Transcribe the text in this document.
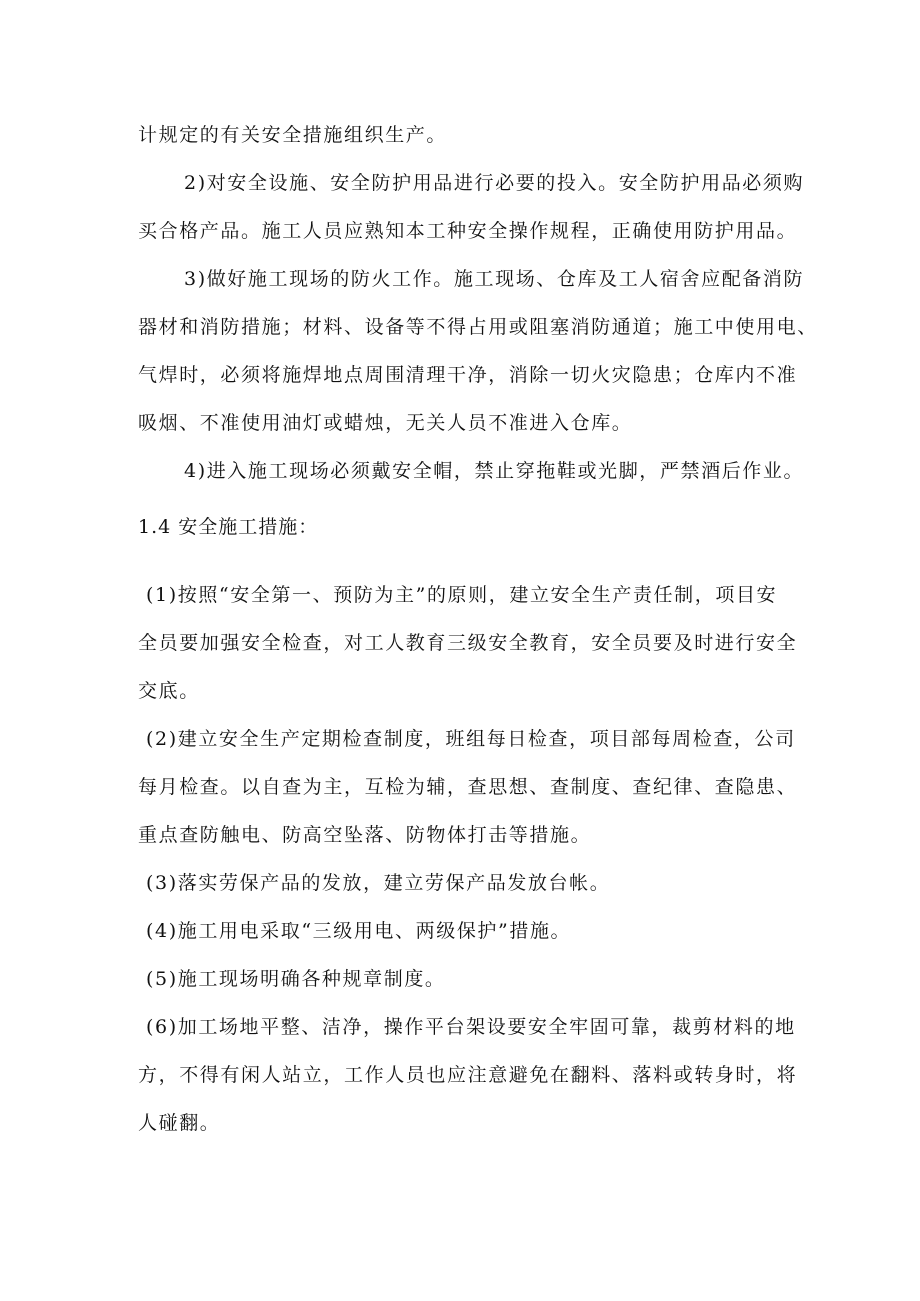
计规定的有关安全措施组织生产。
2)对安全设施、安全防护用品进行必要的投入。安全防护用品必须购
买合格产品。施工人员应熟知本工种安全操作规程，正确使用防护用品。
3)做好施工现场的防火工作。施工现场、仓库及工人宿舍应配备消防
器材和消防措施；材料、设备等不得占用或阻塞消防通道；施工中使用电、
气焊时，必须将施焊地点周围清理干净，消除一切火灾隐患；仓库内不准
吸烟、不准使用油灯或蜡烛，无关人员不准进入仓库。
4)进入施工现场必须戴安全帽，禁止穿拖鞋或光脚，严禁酒后作业。
1.4 安全施工措施：
(1)按照“安全第一、预防为主”的原则，建立安全生产责任制，项目安
全员要加强安全检查，对工人教育三级安全教育，安全员要及时进行安全
交底。
(2)建立安全生产定期检查制度，班组每日检查，项目部每周检查，公司
每月检查。以自查为主，互检为辅，查思想、查制度、查纪律、查隐患、
重点查防触电、防高空坠落、防物体打击等措施。
(3)落实劳保产品的发放，建立劳保产品发放台帐。
(4)施工用电采取“三级用电、两级保护”措施。
(5)施工现场明确各种规章制度。
(6)加工场地平整、洁净，操作平台架设要安全牢固可靠，裁剪材料的地
方，不得有闲人站立，工作人员也应注意避免在翻料、落料或转身时，将
人碰翻。
